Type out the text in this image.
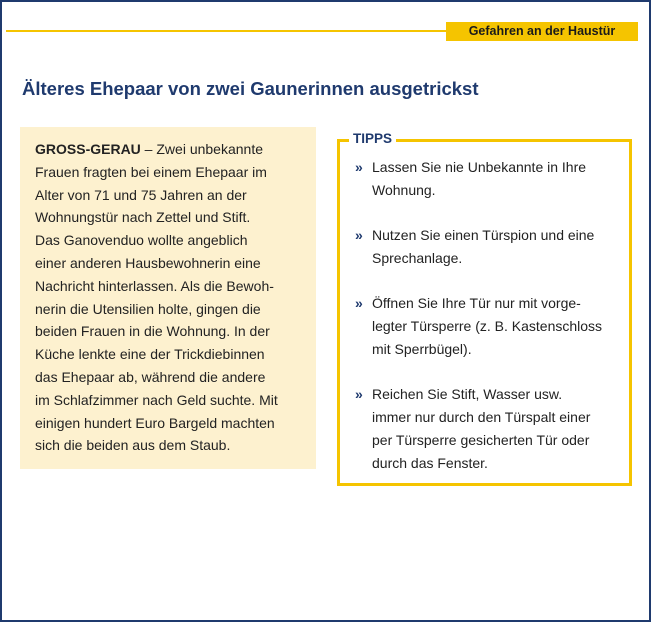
Gefahren an der Haustür
Älteres Ehepaar von zwei Gaunerinnen ausgetrickst

GROSS-GERAU – Zwei unbekannte
Frauen fragten bei einem Ehepaar im
Alter von 71 und 75 Jahren an der
Wohnungstür nach Zettel und Stift.
Das Ganovenduo wollte angeblich
einer anderen Hausbewohnerin eine
Nachricht hinterlassen. Als die Bewoh-
nerin die Utensilien holte, gingen die
beiden Frauen in die Wohnung. In der
Küche lenkte eine der Trickdiebinnen
das Ehepaar ab, während die andere
im Schlafzimmer nach Geld suchte. Mit
einigen hundert Euro Bargeld machten
sich die beiden aus dem Staub.

TIPPS
» Lassen Sie nie Unbekannte in Ihre
Wohnung.
» Nutzen Sie einen Türspion und eine
Sprechanlage.
» Öffnen Sie Ihre Tür nur mit vorge-
legter Türsperre (z. B. Kastenschloss
mit Sperrbügel).
» Reichen Sie Stift, Wasser usw.
immer nur durch den Türspalt einer
per Türsperre gesicherten Tür oder
durch das Fenster.
